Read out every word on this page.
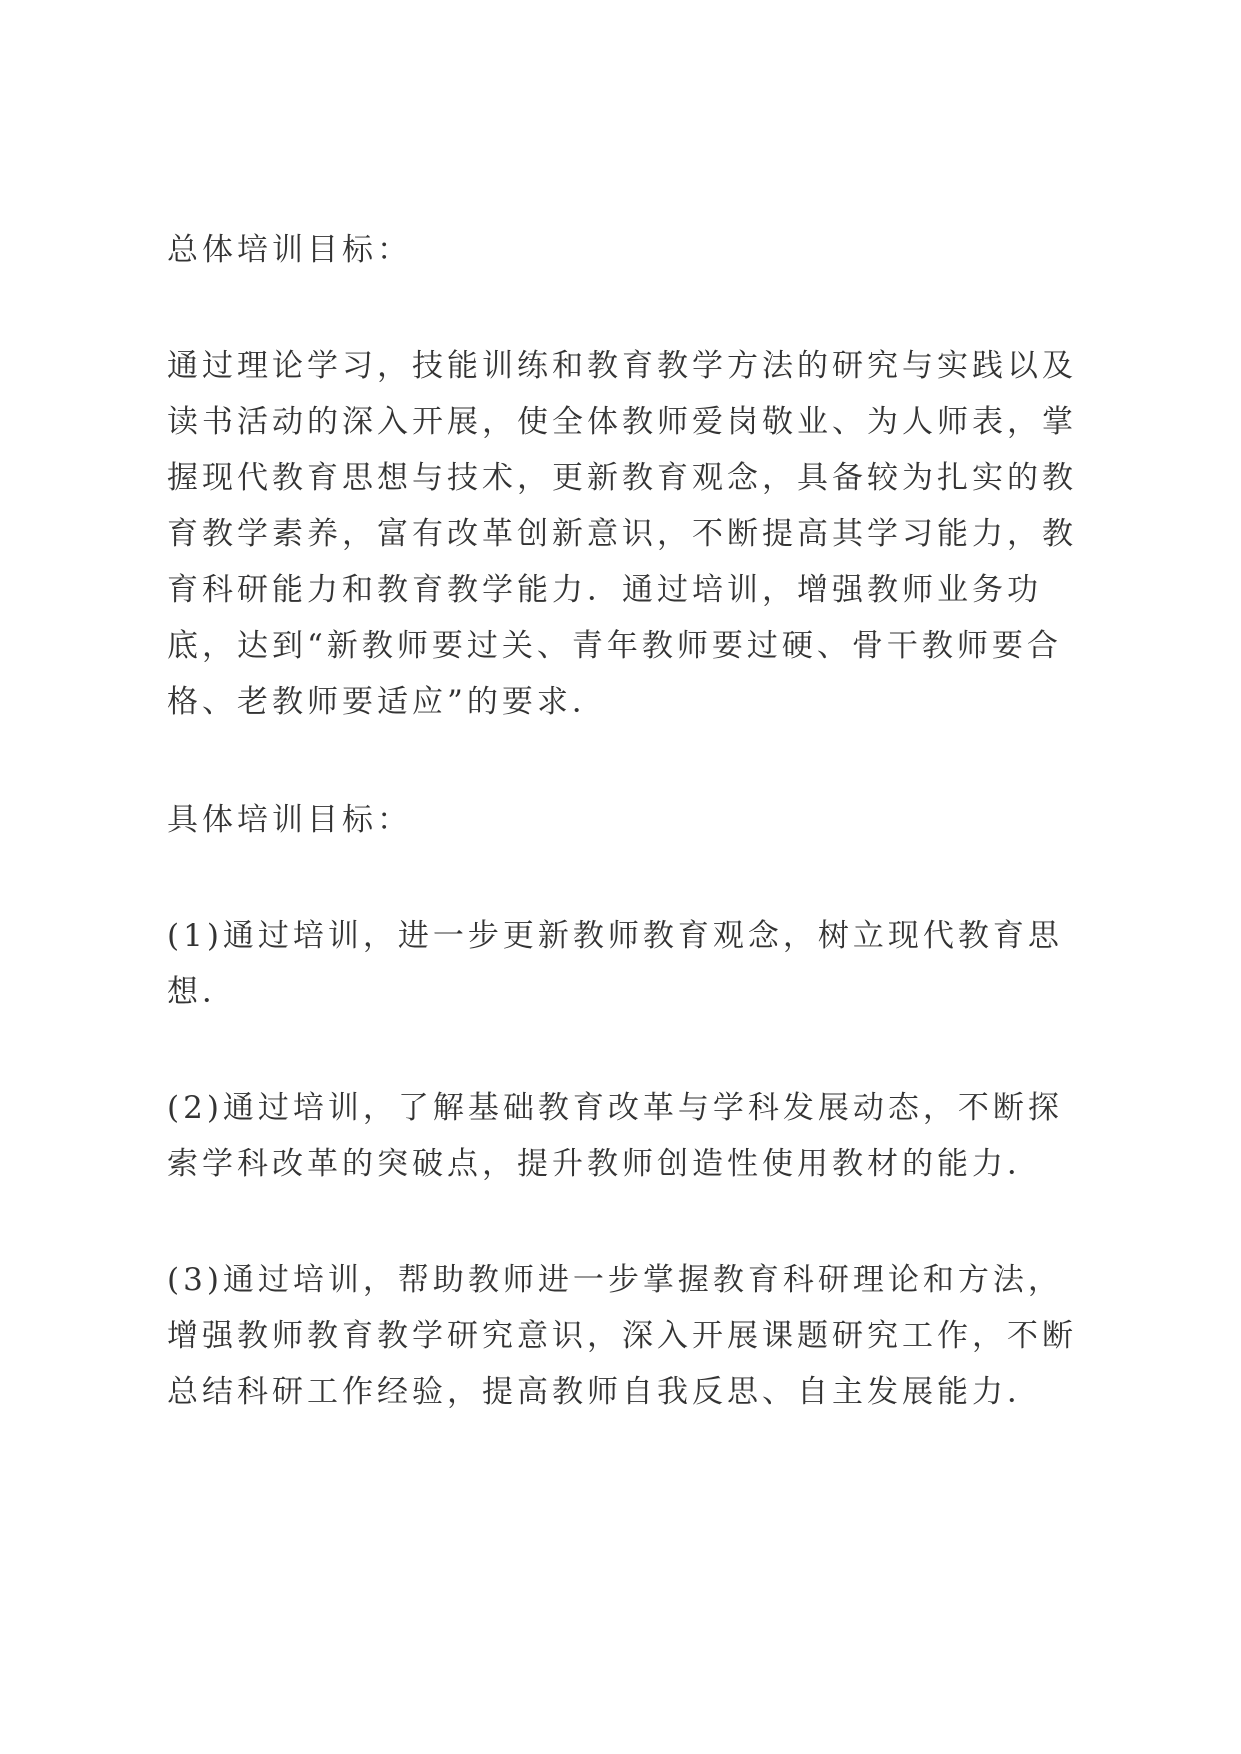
总体培训目标：

通过理论学习，技能训练和教育教学方法的研究与实践以及读书活动的深入开展，使全体教师爱岗敬业、为人师表，掌握现代教育思想与技术，更新教育观念，具备较为扎实的教育教学素养，富有改革创新意识，不断提高其学习能力，教育科研能力和教育教学能力．通过培训，增强教师业务功底，达到“新教师要过关、青年教师要过硬、骨干教师要合格、老教师要适应”的要求．

具体培训目标：

(1)通过培训，进一步更新教师教育观念，树立现代教育思想．

(2)通过培训，了解基础教育改革与学科发展动态，不断探索学科改革的突破点，提升教师创造性使用教材的能力．

(3)通过培训，帮助教师进一步掌握教育科研理论和方法，增强教师教育教学研究意识，深入开展课题研究工作，不断总结科研工作经验，提高教师自我反思、自主发展能力．
